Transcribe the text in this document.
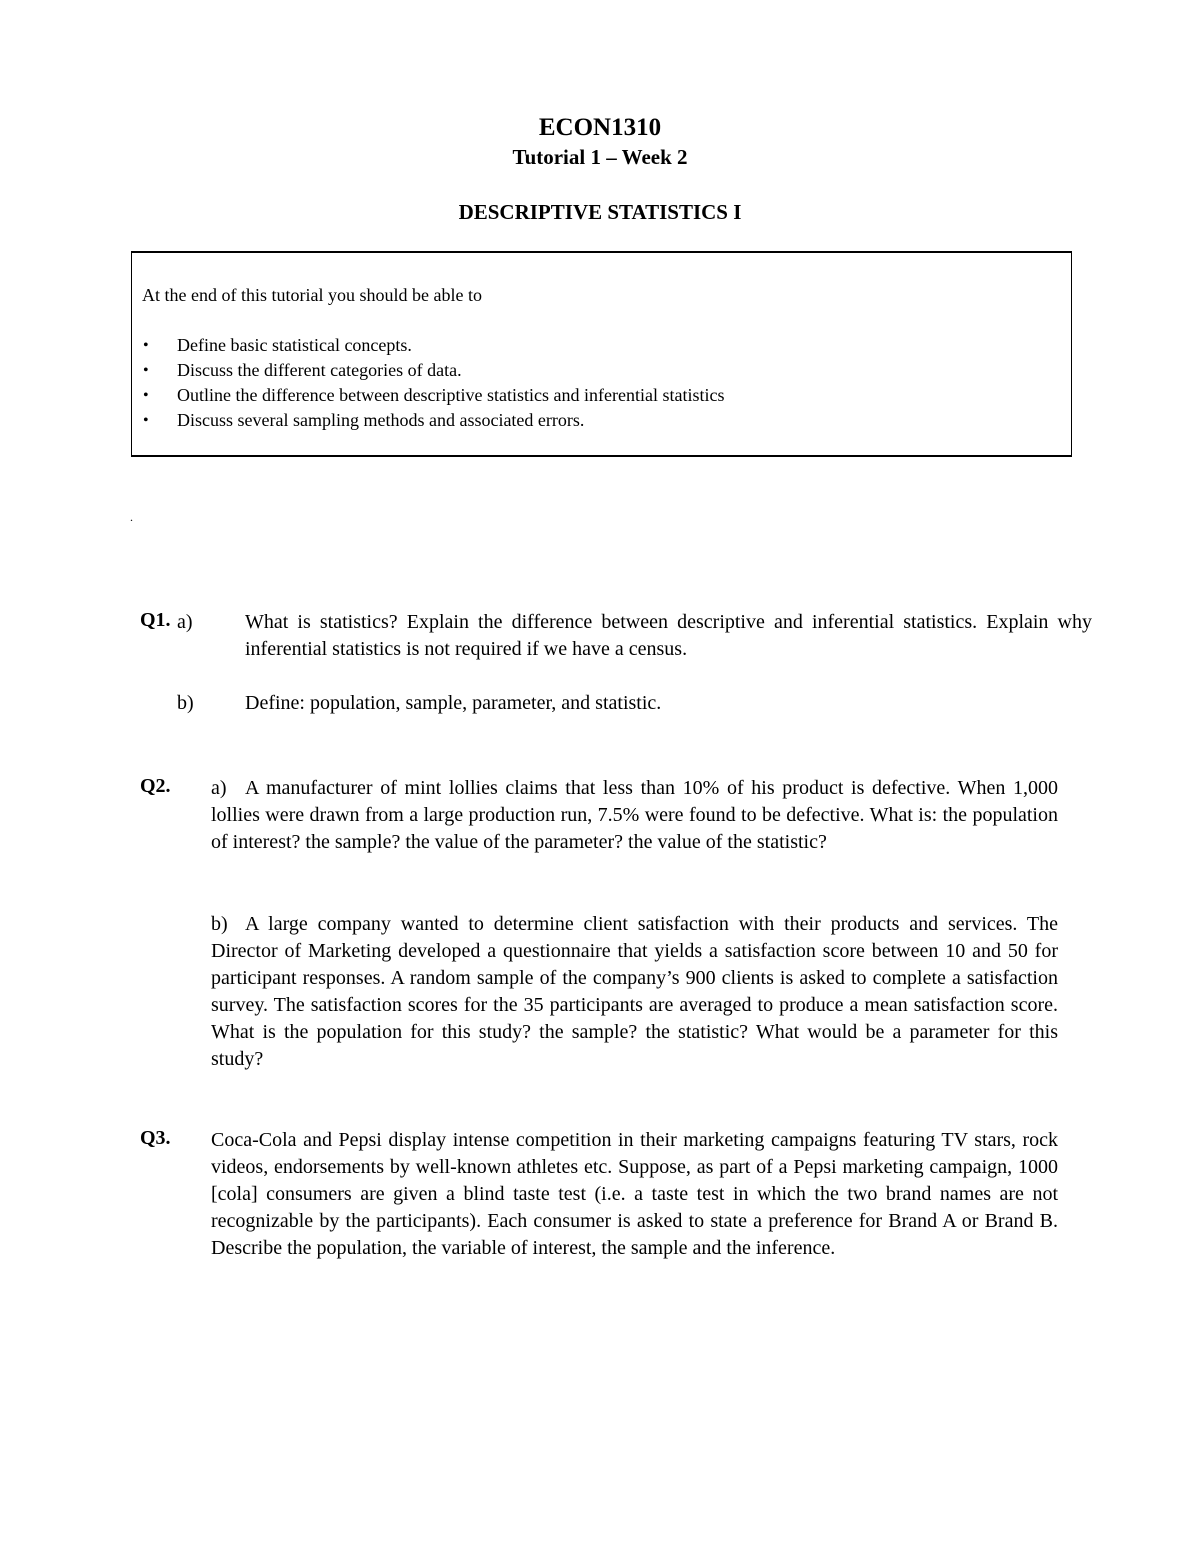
ECON1310
Tutorial 1 – Week 2
DESCRIPTIVE STATISTICS I
At the end of this tutorial you should be able to
• Define basic statistical concepts.
• Discuss the different categories of data.
• Outline the difference between descriptive statistics and inferential statistics
• Discuss several sampling methods and associated errors.
.
Q1. a)	What is statistics? Explain the difference between descriptive and inferential statistics. Explain why inferential statistics is not required if we have a census.
b)	Define: population, sample, parameter, and statistic.
Q2. a) A manufacturer of mint lollies claims that less than 10% of his product is defective. When 1,000 lollies were drawn from a large production run, 7.5% were found to be defective. What is: the population of interest? the sample? the value of the parameter? the value of the statistic?
b) A large company wanted to determine client satisfaction with their products and services. The Director of Marketing developed a questionnaire that yields a satisfaction score between 10 and 50 for participant responses. A random sample of the company’s 900 clients is asked to complete a satisfaction survey. The satisfaction scores for the 35 participants are averaged to produce a mean satisfaction score. What is the population for this study? the sample? the statistic? What would be a parameter for this study?
Q3. Coca-Cola and Pepsi display intense competition in their marketing campaigns featuring TV stars, rock videos, endorsements by well-known athletes etc. Suppose, as part of a Pepsi marketing campaign, 1000 [cola] consumers are given a blind taste test (i.e. a taste test in which the two brand names are not recognizable by the participants). Each consumer is asked to state a preference for Brand A or Brand B. Describe the population, the variable of interest, the sample and the inference.
